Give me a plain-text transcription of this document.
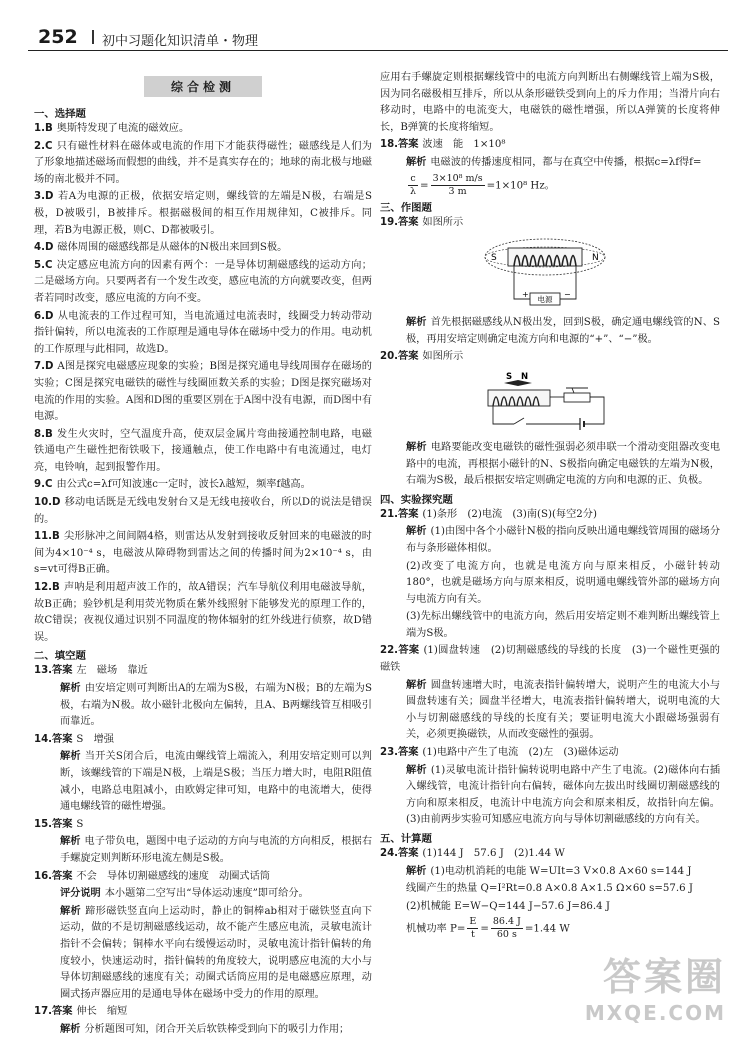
252 初中习题化知识清单・物理
综合检测
一、选择题
1.B 奥斯特发现了电流的磁效应。
2.C 只有磁性材料在磁体或电流的作用下才能获得磁性；磁感线是人们为了形象地描述磁场而假想的曲线，并不是真实存在的；地球的南北极与地磁场的南北极并不同。
3.D 若A为电源的正极，依据安培定则，螺线管的左端是N极，右端是S极，D被吸引，B被排斥。根据磁极间的相互作用规律知，C被排斥。同理，若B为电源正极，则C、D都被吸引。
4.D 磁体周围的磁感线都是从磁体的N极出来回到S极。
5.C 决定感应电流方向的因素有两个：一是导体切割磁感线的运动方向；二是磁场方向。只要两者有一个发生改变，感应电流的方向就要改变，但两者若同时改变，感应电流的方向不变。
6.D 从电流表的工作过程可知，当电流通过电流表时，线圈受力转动带动指针偏转，所以电流表的工作原理是通电导体在磁场中受力的作用。电动机的工作原理与此相同，故选D。
7.D A图是探究电磁感应现象的实验；B图是探究通电导线周围存在磁场的实验；C图是探究电磁铁的磁性与线圈匝数关系的实验；D图是探究磁场对电流的作用的实验。A图和D图的重要区别在于A图中没有电源，而D图中有电源。
8.B 发生火灾时，空气温度升高，使双层金属片弯曲接通控制电路，电磁铁通电产生磁性把衔铁吸下，接通触点，使工作电路中有电流通过，电灯亮，电铃响，起到报警作用。
9.C 由公式c=λf可知波速c一定时，波长λ越短，频率f越高。
10.D 移动电话既是无线电发射台又是无线电接收台，所以D的说法是错误的。
11.B 尖形脉冲之间间隔4格，则雷达从发射到接收反射回来的电磁波的时间为4×10⁻⁴ s，电磁波从障碍物到雷达之间的传播时间为2×10⁻⁴ s，由s=vt可得B正确。
12.B 声呐是利用超声波工作的，故A错误；汽车导航仪利用电磁波导航，故B正确；验钞机是利用荧光物质在紫外线照射下能够发光的原理工作的，故C错误；夜视仪通过识别不同温度的物体辐射的红外线进行侦察，故D错误。
二、填空题
13.答案 左　磁场　靠近
解析 由安培定则可判断出A的左端为S极，右端为N极；B的左端为S极，右端为N极。故小磁针北极向左偏转，且A、B两螺线管互相吸引而靠近。
14.答案 S　增强
解析 当开关S闭合后，电流由螺线管上端流入，利用安培定则可以判断，该螺线管的下端是N极，上端是S极；当压力增大时，电阻R阻值减小，电路总电阻减小，由欧姆定律可知，电路中的电流增大，使得通电螺线管的磁性增强。
15.答案 S
解析 电子带负电，题图中电子运动的方向与电流的方向相反，根据右手螺旋定则判断环形电流左侧是S极。
16.答案 不会　导体切割磁感线的速度　动圈式话筒
评分说明 本小题第二空写出“导体运动速度”即可给分。
解析 蹄形磁铁竖直向上运动时，静止的铜棒ab相对于磁铁竖直向下运动，做的不是切割磁感线运动，故不能产生感应电流，灵敏电流计指针不会偏转；铜棒水平向右缓慢运动时，灵敏电流计指针偏转的角度较小，快速运动时，指针偏转的角度较大，说明感应电流的大小与导体切割磁感线的速度有关；动圈式话筒应用的是电磁感应原理，动圈式扬声器应用的是通电导体在磁场中受力的作用的原理。
17.答案 伸长　缩短
解析 分析题图可知，闭合开关后软铁棒受到向下的吸引力作用；
应用右手螺旋定则根据螺线管中的电流方向判断出右侧螺线管上端为S极，因为同名磁极相互排斥，所以从条形磁铁受到向上的斥力作用；当滑片向右移动时，电路中的电流变大，电磁铁的磁性增强，所以A弹簧的长度将伸长，B弹簧的长度将缩短。
18.答案 波速　能　1×10⁸
解析 电磁波的传播速度相同，都与在真空中传播，根据c=λf得f=
$\frac{c}{\lambda} = \frac{\text{3×10⁸ m/s}}{3 m} =1\times 10^8$ Hz。
三、作图题
19.答案 如图所示
S	N
电源
+	−
解析 首先根据磁感线从N极出发，回到S极，确定通电螺线管的N、S极，再用安培定则确定电流方向和电源的“+”、“−”极。
20.答案 如图所示
S N
解析 电路要能改变电磁铁的磁性强弱必须串联一个滑动变阻器改变电路中的电流，再根据小磁针的N、S极指向确定电磁铁的左端为N极，右端为S极，最后根据安培定则确定电流的方向和电源的正、负极。
四、实验探究题
21.答案 (1)条形　(2)电流　(3)南(S)(每空2分)
解析 (1)由图中各个小磁针N极的指向反映出通电螺线管周围的磁场分布与条形磁体相似。
(2)改变了电流方向，也就是电流方向与原来相反，小磁针转动180°，也就是磁场方向与原来相反，说明通电螺线管外部的磁场方向与电流方向有关。
(3)先标出螺线管中的电流方向，然后用安培定则不难判断出螺线管上端为S极。
22.答案 (1)圆盘转速　(2)切割磁感线的导线的长度　(3)一个磁性更强的磁铁
解析 圆盘转速增大时，电流表指针偏转增大，说明产生的电流大小与圆盘转速有关；圆盘半径增大，电流表指针偏转增大，说明电流的大小与切割磁感线的导线的长度有关；要证明电流大小跟磁场强弱有关，必须更换磁铁，从而改变磁性的强弱。
23.答案 (1)电路中产生了电流　(2)左　(3)磁体运动
解析 (1)灵敏电流计指针偏转说明电路中产生了电流。(2)磁体向右插入螺线管，电流计指针向右偏转，磁体向左拔出时线圈切割磁感线的方向和原来相反，电流计中电流方向会和原来相反，故指针向左偏。(3)由前两步实验可知感应电流方向与导体切割磁感线的方向有关。
五、计算题
24.答案 (1)144 J　57.6 J　(2)1.44 W
解析 (1)电动机消耗的电能 W=UIt=3 V×0.8 A×60 s=144 J
线圈产生的热量 Q=I²Rt=0.8 A×0.8 A×1.5 Ω×60 s=57.6 J
(2)机械能 E=W−Q=144 J−57.6 J=86.4 J
机械功率 $P= \frac{E}{t} = \frac{86.4 J}{60 s} =1.44$ W
答案圈
MXQE.COM
